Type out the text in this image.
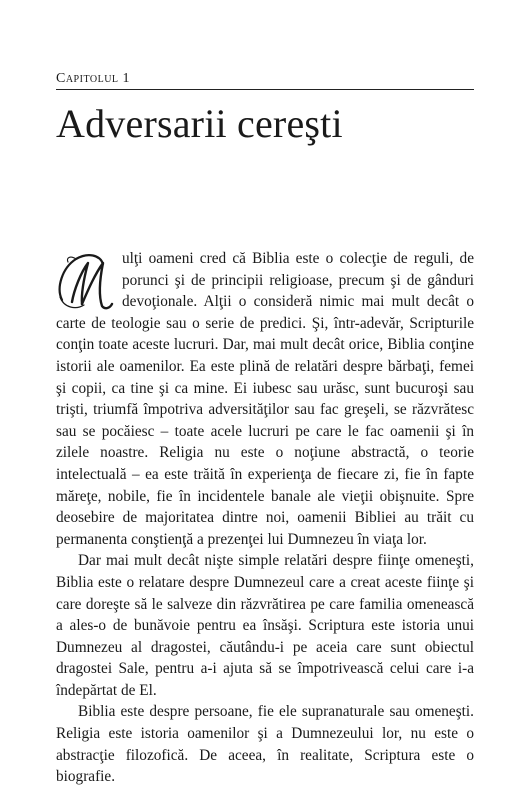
Capitolul 1
Adversarii cereşti

ulţi oameni cred că Biblia este o colecţie de reguli, de porunci şi de principii religioase, precum şi de gânduri devoţionale. Alţii o consideră nimic mai mult decât o carte de teologie sau o serie de predici. Şi, într-adevăr, Scripturile conţin toate aceste lucruri. Dar, mai mult decât orice, Biblia conţine istorii ale oamenilor. Ea este plină de relatări despre bărbaţi, femei şi copii, ca tine şi ca mine. Ei iubesc sau urăsc, sunt bucuroşi sau trişti, triumfă împotriva adversităţilor sau fac greşeli, se răzvrătesc sau se pocăiesc – toate acele lucruri pe care le fac oamenii şi în zilele noastre. Religia nu este o noţiune abstractă, o teorie intelectuală – ea este trăită în experienţa de fiecare zi, fie în fapte măreţe, nobile, fie în incidentele banale ale vieţii obişnuite. Spre deosebire de majoritatea dintre noi, oamenii Bibliei au trăit cu permanenta conştienţă a prezenţei lui Dumnezeu în viaţa lor.

Dar mai mult decât nişte simple relatări despre fiinţe omeneşti, Biblia este o relatare despre Dumnezeul care a creat aceste fiinţe şi care doreşte să le salveze din răzvrătirea pe care familia omenească a ales-o de bunăvoie pentru ea însăşi. Scriptura este istoria unui Dumnezeu al dragostei, căutându-i pe aceia care sunt obiectul dragostei Sale, pentru a-i ajuta să se împotrivească celui care i-a îndepărtat de El.

Biblia este despre persoane, fie ele supranaturale sau omeneşti. Religia este istoria oamenilor şi a Dumnezeului lor, nu este o abstracţie filozofică. De aceea, în realitate, Scriptura este o biografie.
